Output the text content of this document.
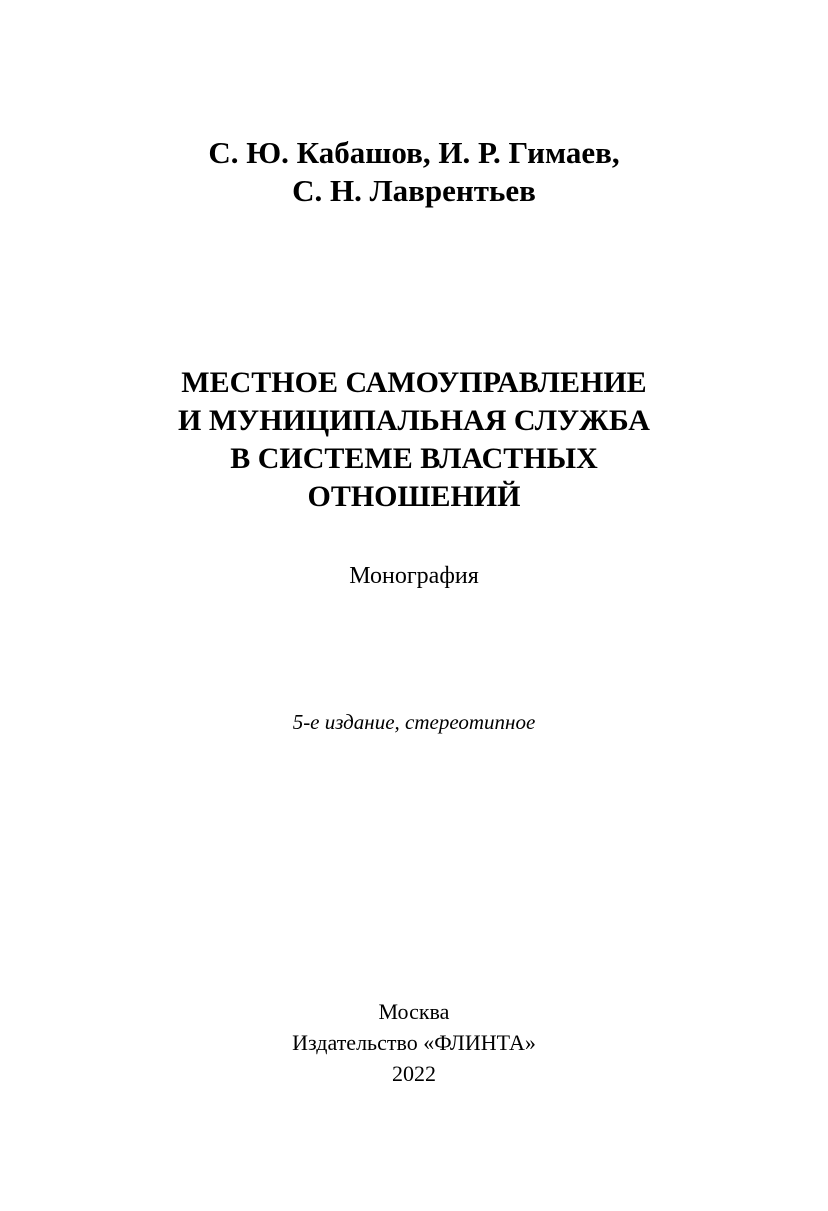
С. Ю. Кабашов, И. Р. Гимаев,
С. Н. Лаврентьев
МЕСТНОЕ САМОУПРАВЛЕНИЕ
И МУНИЦИПАЛЬНАЯ СЛУЖБА
В СИСТЕМЕ ВЛАСТНЫХ
ОТНОШЕНИЙ
Монография
5-е издание, стереотипное
Москва
Издательство «ФЛИНТА»
2022
